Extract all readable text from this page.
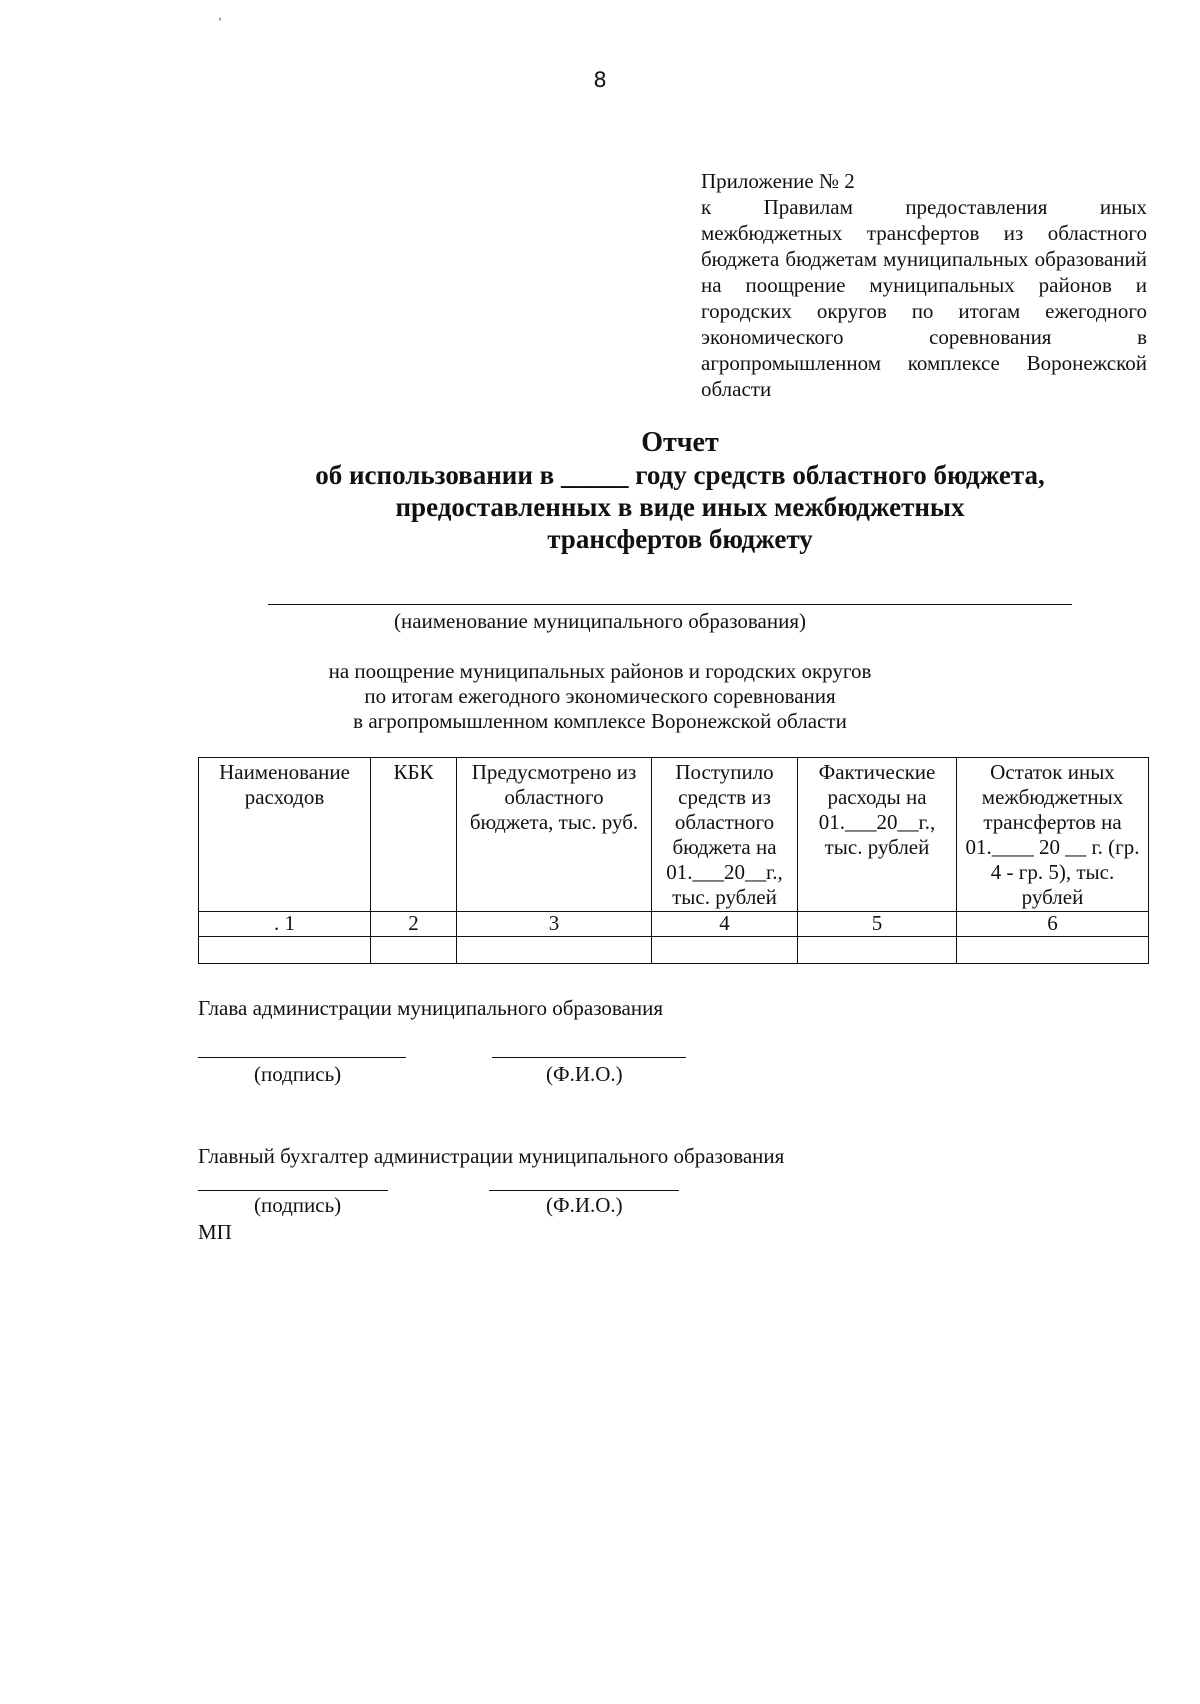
ʼ
8
Приложение № 2
к Правилам предоставления иных межбюджетных трансфертов из областного бюджета бюджетам муниципальных образований на поощрение муниципальных районов и городских округов по итогам ежегодного экономического соревнования в агропромышленном комплексе Воронежской области
Отчет
об использовании в _____ году средств областного бюджета,
предоставленных в виде иных межбюджетных
трансфертов бюджету
(наименование муниципального образования)
на поощрение муниципальных районов и городских округов
по итогам ежегодного экономического соревнования
в агропромышленном комплексе Воронежской области
Наименование расходов	КБК	Предусмотрено из областного бюджета, тыс. руб.	Поступило средств из областного бюджета на 01.___20__г., тыс. рублей	Фактические расходы на 01.___20__г., тыс. рублей	Остаток иных межбюджетных трансфертов на 01.____ 20 __ г. (гр. 4 - гр. 5), тыс. рублей
. 1	2	3	4	5	6

Глава администрации муниципального образования
(подпись)	(Ф.И.О.)
Главный бухгалтер администрации муниципального образования
(подпись)	(Ф.И.О.)
МП
